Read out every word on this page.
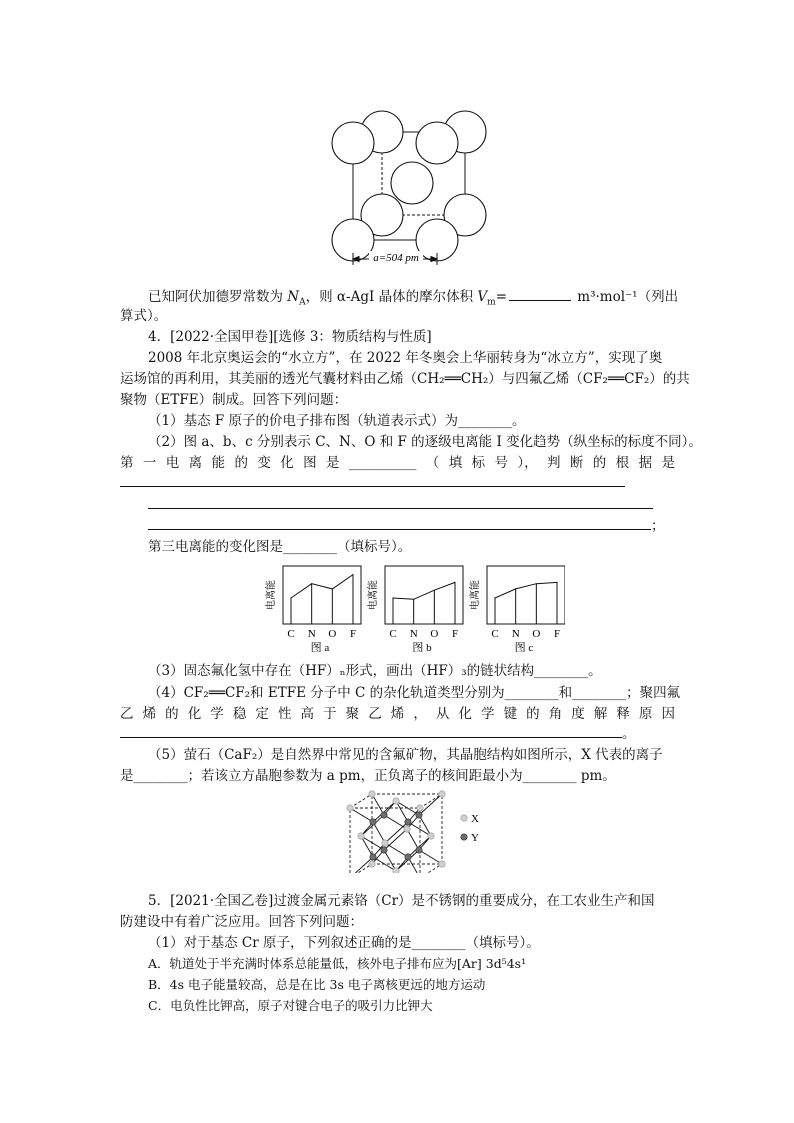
a=504 pm
已知阿伏加德罗常数为 $N_A$，则 α-AgI 晶体的摩尔体积 $V_m=$	m³·mol⁻¹（列出
算式）。
4．[2022·全国甲卷][选修 3：物质结构与性质]
2008 年北京奥运会的“水立方”，在 2022 年冬奥会上华丽转身为“冰立方”，实现了奥
运场馆的再利用，其美丽的透光气囊材料由乙烯（CH₂══CH₂）与四氟乙烯（CF₂══CF₂）的共
聚物（ETFE）制成。回答下列问题：
（1）基态 F 原子的价电子排布图（轨道表示式）为________。
（2）图 a、b、c 分别表示 C、N、O 和 F 的逐级电离能 I 变化趋势（纵坐标的标度不同）。
第 一 电 离 能 的 变 化 图 是 __________ （ 填 标 号 ）， 判 断 的 根 据 是
；
第三电离能的变化图是________（填标号）。
电离能
C N O F
图 a
电离能
C N O F
图 b
电离能
C N O F
图 c
（3）固态氟化氢中存在（HF）ₙ形式，画出（HF）₃的链状结构________。
（4）CF₂══CF₂和 ETFE 分子中 C 的杂化轨道类型分别为________和________；聚四氟
乙 烯 的 化 学 稳 定 性 高 于 聚 乙 烯 ， 从 化 学 键 的 角 度 解 释 原 因
。
（5）萤石（CaF₂）是自然界中常见的含氟矿物，其晶胞结构如图所示，X 代表的离子
是________；若该立方晶胞参数为 a pm，正负离子的核间距最小为________ pm。
X
Y
5．[2021·全国乙卷]过渡金属元素铬（Cr）是不锈钢的重要成分，在工农业生产和国
防建设中有着广泛应用。回答下列问题：
（1）对于基态 Cr 原子，下列叙述正确的是________（填标号）。
A．轨道处于半充满时体系总能量低，核外电子排布应为[Ar] 3d⁵4s¹
B．4s 电子能量较高，总是在比 3s 电子离核更远的地方运动
C．电负性比钾高，原子对键合电子的吸引力比钾大
